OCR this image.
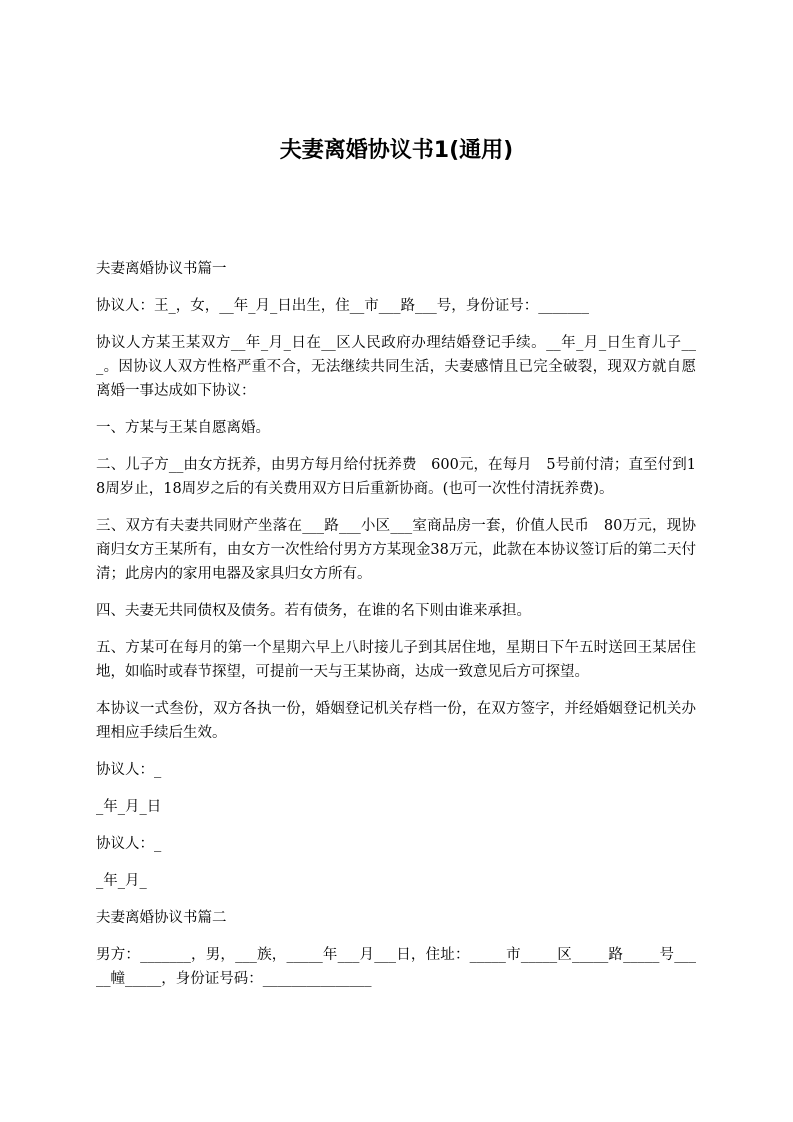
夫妻离婚协议书1(通用)

夫妻离婚协议书篇一

协议人：王_，女，__年_月_日出生，住__市___路___号，身份证号：_______

协议人方某王某双方__年_月_日在__区人民政府办理结婚登记手续。__年_月_日生育儿子___。因协议人双方性格严重不合，无法继续共同生活，夫妻感情且已完全破裂，现双方就自愿离婚一事达成如下协议：

一、方某与王某自愿离婚。

二、儿子方__由女方抚养，由男方每月给付抚养费　600元，在每月　5号前付清；直至付到18周岁止，18周岁之后的有关费用双方日后重新协商。(也可一次性付清抚养费)。

三、双方有夫妻共同财产坐落在___路___小区___室商品房一套，价值人民币　80万元，现协商归女方王某所有，由女方一次性给付男方方某现金38万元，此款在本协议签订后的第二天付清；此房内的家用电器及家具归女方所有。

四、夫妻无共同债权及债务。若有债务，在谁的名下则由谁来承担。

五、方某可在每月的第一个星期六早上八时接儿子到其居住地，星期日下午五时送回王某居住地，如临时或春节探望，可提前一天与王某协商，达成一致意见后方可探望。

本协议一式叁份，双方各执一份，婚姻登记机关存档一份，在双方签字，并经婚姻登记机关办理相应手续后生效。

协议人：_

_年_月_日

协议人：_

_年_月_

夫妻离婚协议书篇二

男方：_______，男，___族，_____年___月___日，住址：_____市_____区_____路_____号_____幢_____，身份证号码：_______________
